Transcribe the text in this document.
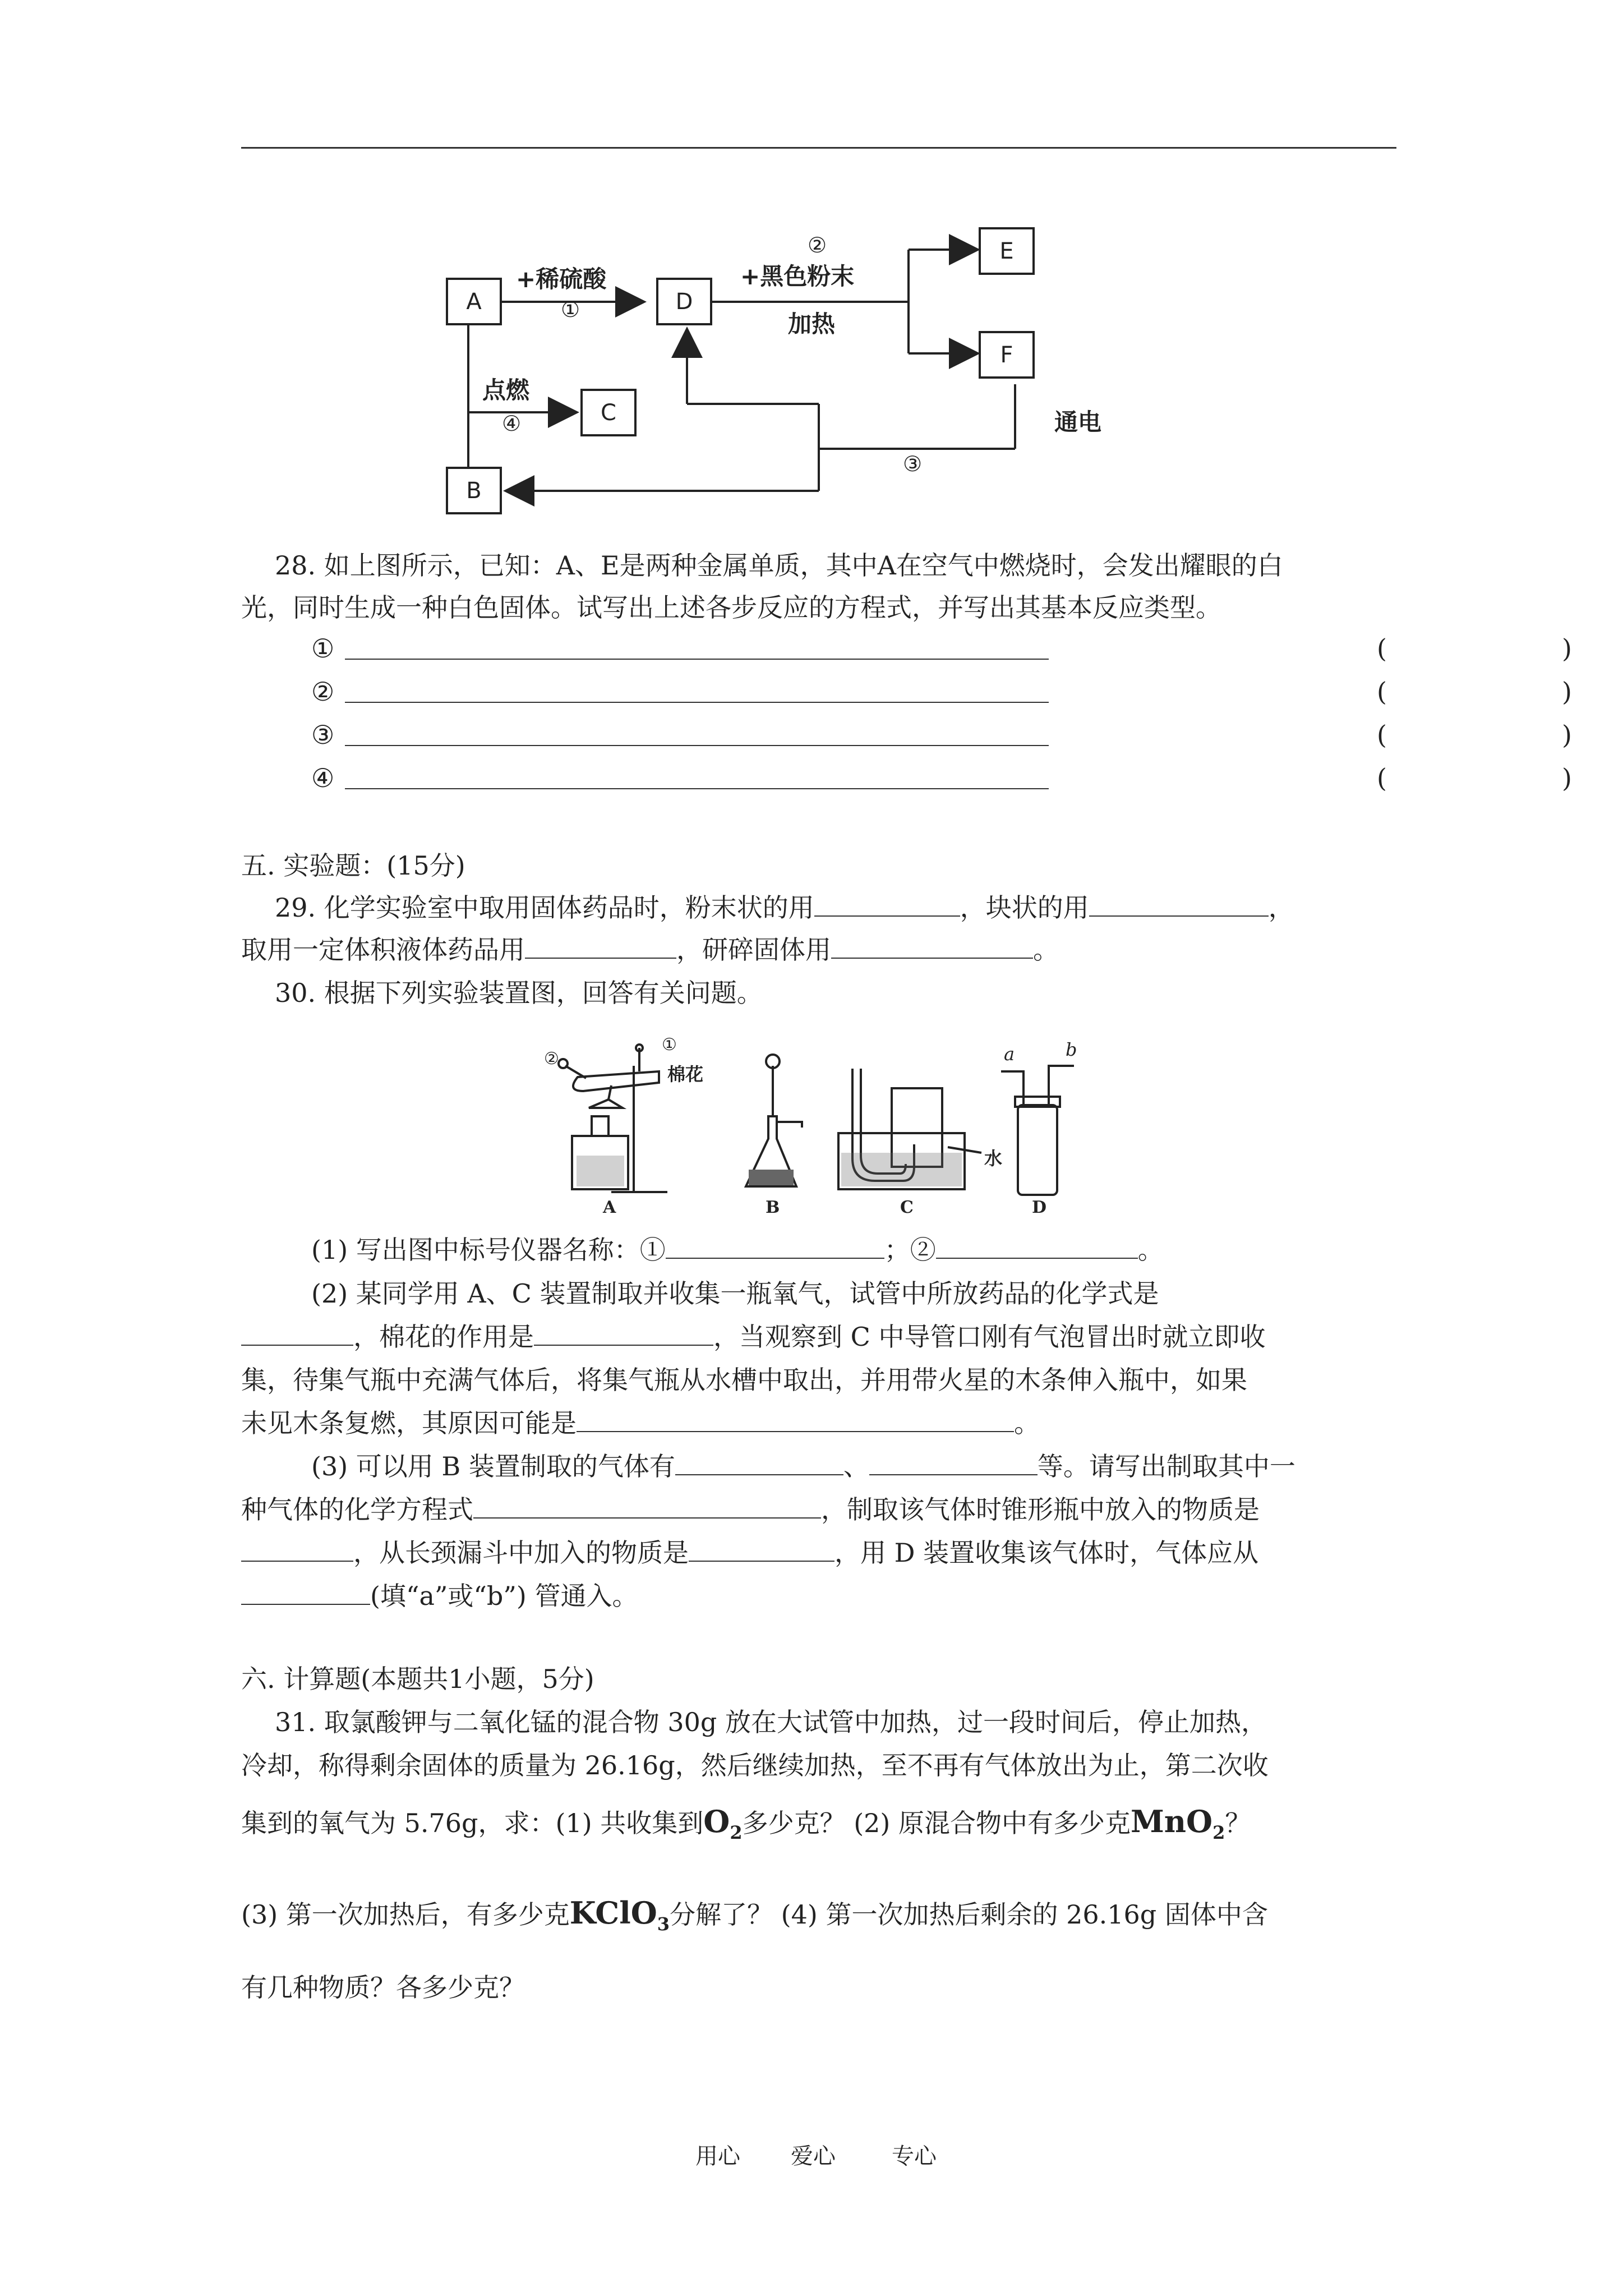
A	D
E
F
C
B
+稀硫酸
①
②
+黑色粉末
加热
点燃
④
③
通电
28. 如上图所示，已知：A、E是两种金属单质，其中A在空气中燃烧时，会发出耀眼的白
光，同时生成一种白色固体。试写出上述各步反应的方程式，并写出其基本反应类型。
①	(	)
②	(	)
③	(	)
④	(	)
五. 实验题：(15分)
29. 化学实验室中取用固体药品时，粉末状的用	，块状的用	，
取用一定体积液体药品用	，研碎固体用	。
30. 根据下列实验装置图，回答有关问题。
①
②
棉花
水
a	b
A	B	C	D
(1) 写出图中标号仪器名称：①	；②	。
(2) 某同学用 A、C 装置制取并收集一瓶氧气，试管中所放药品的化学式是
，棉花的作用是	，当观察到 C 中导管口刚有气泡冒出时就立即收
集，待集气瓶中充满气体后，将集气瓶从水槽中取出，并用带火星的木条伸入瓶中，如果
未见木条复燃，其原因可能是	。
(3) 可以用 B 装置制取的气体有	、	等。请写出制取其中一
种气体的化学方程式	，制取该气体时锥形瓶中放入的物质是
，从长颈漏斗中加入的物质是	，用 D 装置收集该气体时，气体应从
(填“a”或“b”) 管通入。
六. 计算题(本题共1小题，5分)
31. 取氯酸钾与二氧化锰的混合物 30g 放在大试管中加热，过一段时间后，停止加热，
冷却，称得剩余固体的质量为 26.16g，然后继续加热，至不再有气体放出为止，第二次收
集到的氧气为 5.76g，求：(1) 共收集到$O_2$多少克？ (2) 原混合物中有多少克MnO$_2$？
(3) 第一次加热后，有多少克KClO$_3$分解了？ (4) 第一次加热后剩余的 26.16g 固体中含
有几种物质？各多少克？
用心 爱心	专心
